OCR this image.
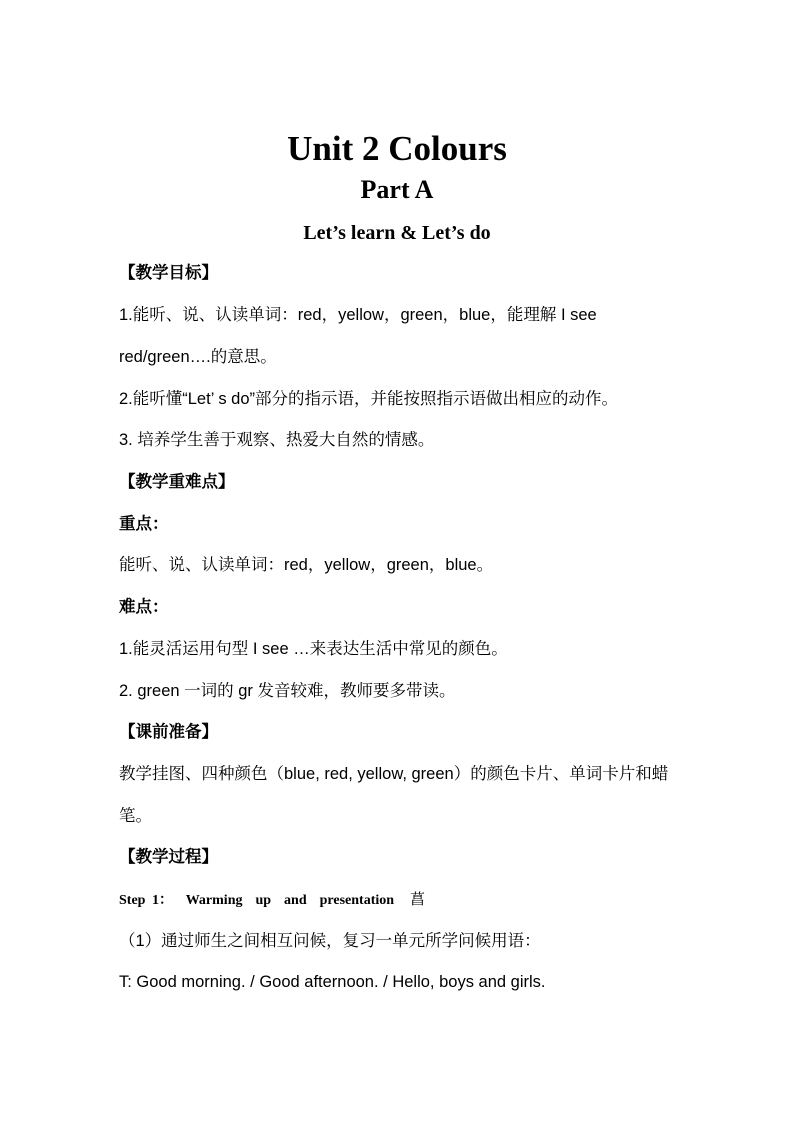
Unit 2 Colours
Part A
Let’s learn & Let’s do

【教学目标】

1.能听、说、认读单词：red，yellow，green，blue，能理解 I see

red/green….的意思。

2.能听懂“Let’ s do”部分的指示语，并能按照指示语做出相应的动作。

3. 培养学生善于观察、热爱大自然的情感。

【教学重难点】

重点：

能听、说、认读单词：red，yellow，green，blue。

难点：

1.能灵活运用句型 I see …来表达生活中常见的颜色。

2. green 一词的 gr 发音较难，教师要多带读。

【课前准备】

教学挂图、四种颜色（blue, red, yellow, green）的颜色卡片、单词卡片和蜡

笔。

【教学过程】

Step 1：  Warming  up  and  presentation 菖

（1）通过师生之间相互问候，复习一单元所学问候用语：

T: Good morning. / Good afternoon. / Hello, boys and girls.
